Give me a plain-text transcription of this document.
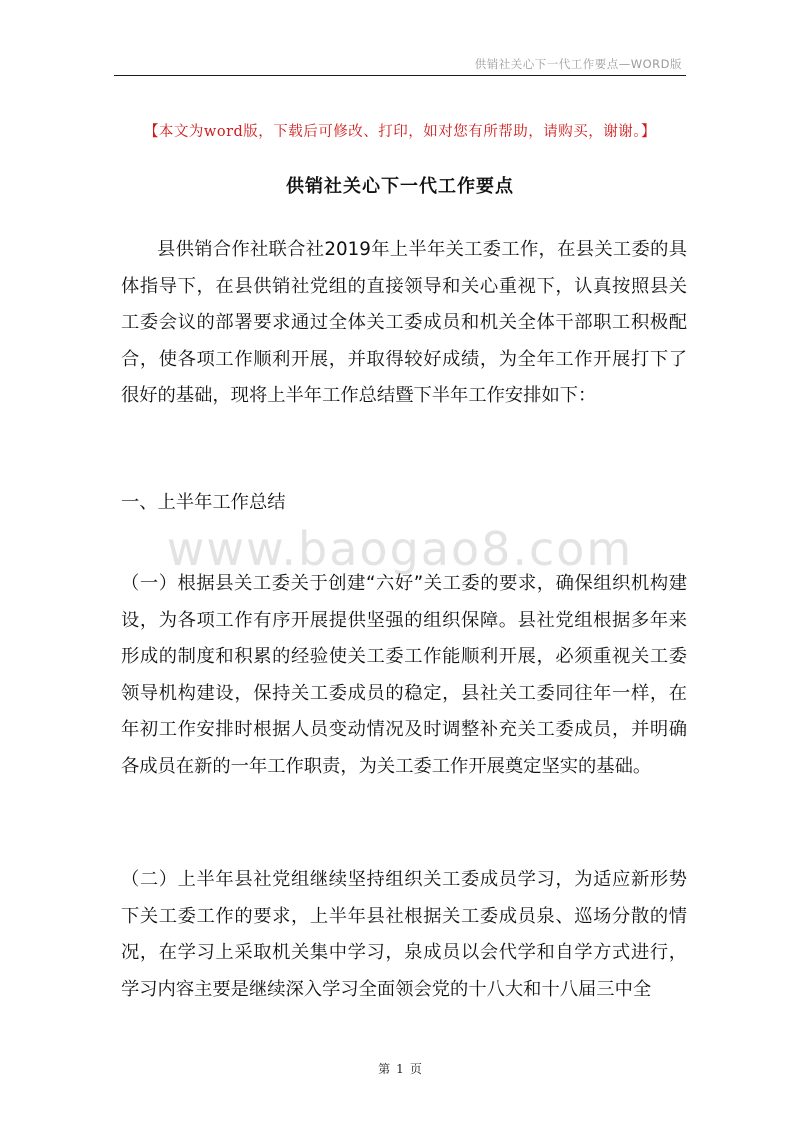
供销社关心下一代工作要点—WORD版
【本文为word版，下载后可修改、打印，如对您有所帮助，请购买，谢谢。】
供销社关心下一代工作要点

县供销合作社联合社2019年上半年关工委工作，在县关工委的具体指导下，在县供销社党组的直接领导和关心重视下，认真按照县关工委会议的部署要求通过全体关工委成员和机关全体干部职工积极配合，使各项工作顺利开展，并取得较好成绩，为全年工作开展打下了很好的基础，现将上半年工作总结暨下半年工作安排如下：

一、上半年工作总结
www.baogao8.com

（一）根据县关工委关于创建“六好”关工委的要求，确保组织机构建设，为各项工作有序开展提供坚强的组织保障。县社党组根据多年来形成的制度和积累的经验使关工委工作能顺利开展，必须重视关工委领导机构建设，保持关工委成员的稳定，县社关工委同往年一样，在年初工作安排时根据人员变动情况及时调整补充关工委成员，并明确各成员在新的一年工作职责，为关工委工作开展奠定坚实的基础。

（二）上半年县社党组继续坚持组织关工委成员学习，为适应新形势下关工委工作的要求，上半年县社根据关工委成员泉、巡场分散的情况，在学习上采取机关集中学习，泉成员以会代学和自学方式进行，学习内容主要是继续深入学习全面领会党的十八大和十八届三中全

第 1 页
